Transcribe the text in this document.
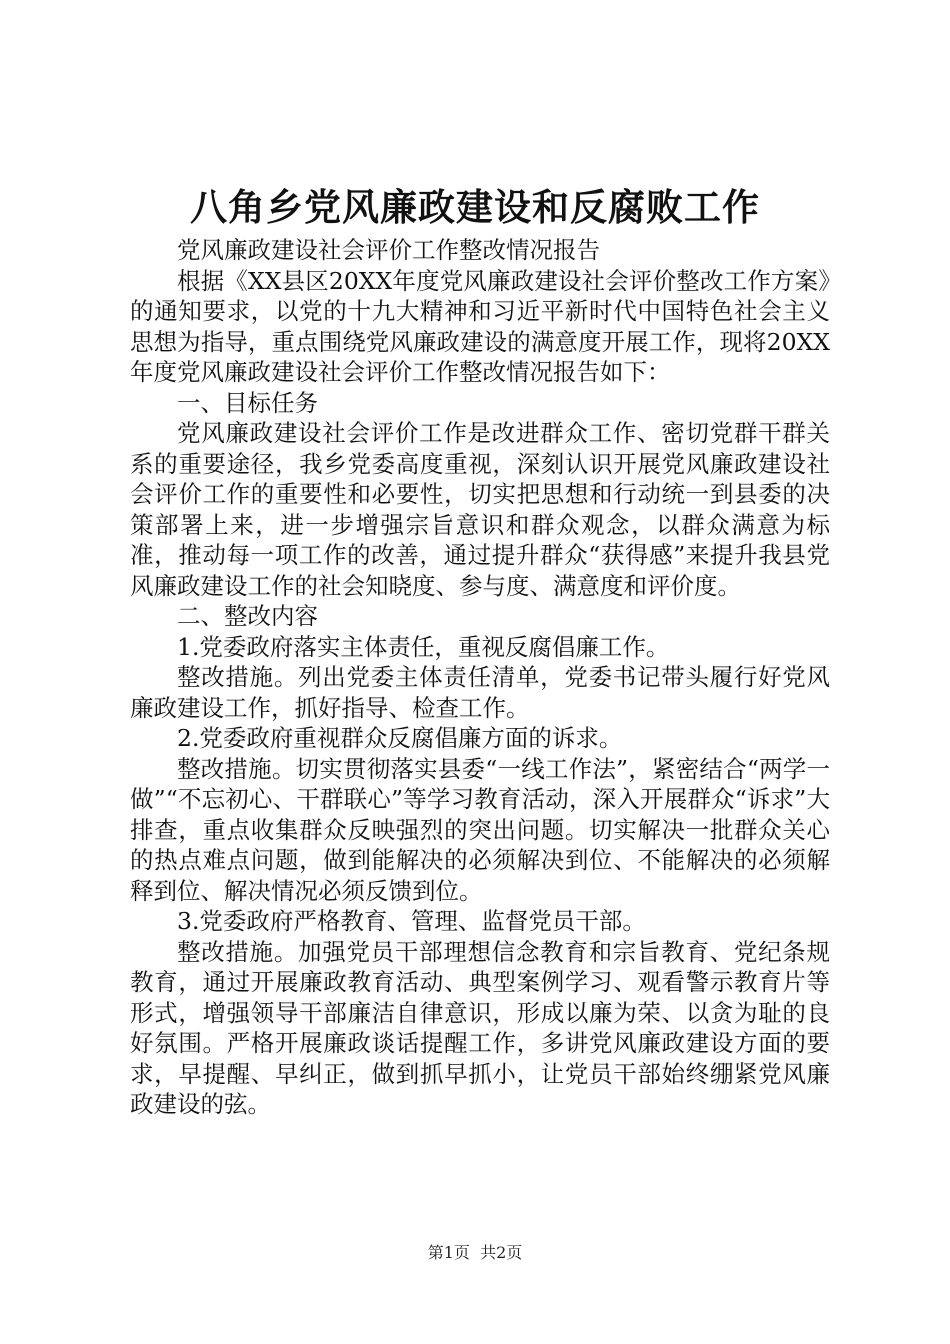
八角乡党风廉政建设和反腐败工作

党风廉政建设社会评价工作整改情况报告

根据《XX县区20XX年度党风廉政建设社会评价整改工作方案》的通知要求，以党的十九大精神和习近平新时代中国特色社会主义思想为指导，重点围绕党风廉政建设的满意度开展工作，现将20XX年度党风廉政建设社会评价工作整改情况报告如下：

一、目标任务

党风廉政建设社会评价工作是改进群众工作、密切党群干群关系的重要途径，我乡党委高度重视，深刻认识开展党风廉政建设社会评价工作的重要性和必要性，切实把思想和行动统一到县委的决策部署上来，进一步增强宗旨意识和群众观念，以群众满意为标准，推动每一项工作的改善，通过提升群众“获得感”来提升我县党风廉政建设工作的社会知晓度、参与度、满意度和评价度。

二、整改内容

1.党委政府落实主体责任，重视反腐倡廉工作。

整改措施。列出党委主体责任清单，党委书记带头履行好党风廉政建设工作，抓好指导、检查工作。

2.党委政府重视群众反腐倡廉方面的诉求。

整改措施。切实贯彻落实县委“一线工作法”，紧密结合“两学一做”“不忘初心、干群联心”等学习教育活动，深入开展群众“诉求”大排查，重点收集群众反映强烈的突出问题。切实解决一批群众关心的热点难点问题，做到能解决的必须解决到位、不能解决的必须解释到位、解决情况必须反馈到位。

3.党委政府严格教育、管理、监督党员干部。

整改措施。加强党员干部理想信念教育和宗旨教育、党纪条规教育，通过开展廉政教育活动、典型案例学习、观看警示教育片等形式，增强领导干部廉洁自律意识，形成以廉为荣、以贪为耻的良好氛围。严格开展廉政谈话提醒工作，多讲党风廉政建设方面的要求，早提醒、早纠正，做到抓早抓小，让党员干部始终绷紧党风廉政建设的弦。

第1页 共2页
